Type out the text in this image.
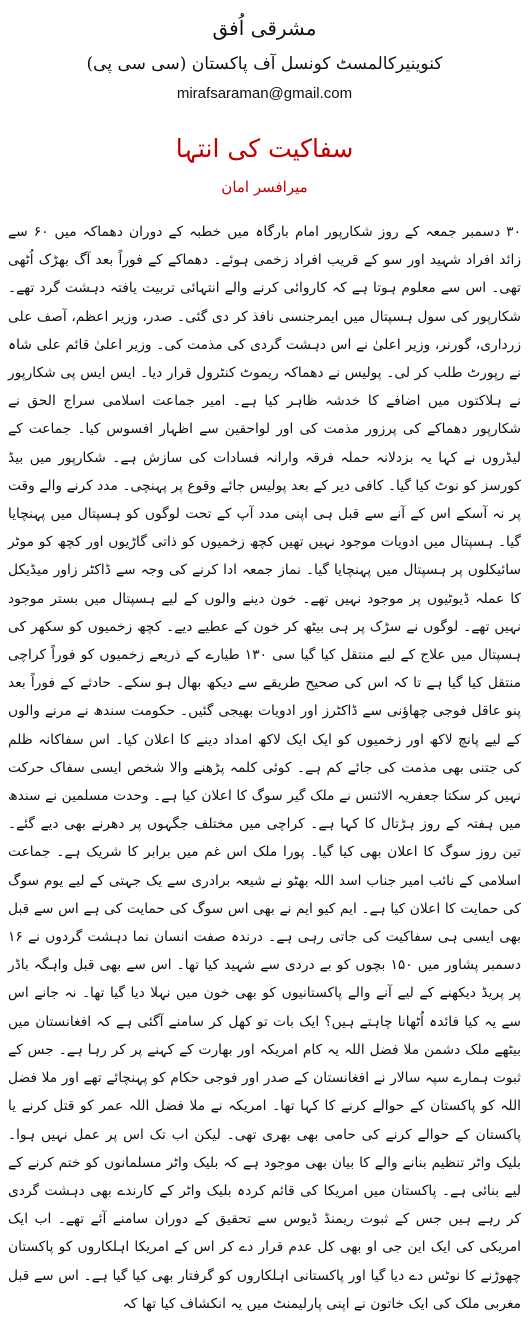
مشرقی اُفق
کنوینیرکالمسٹ کونسل آف پاکستان (سی سی پی)
mirafsaraman@gmail.com
سفاکیت کی انتہا
میرافسر امان

۳۰ دسمبر جمعہ کے روز شکارپور امام بارگاہ میں خطبہ کے دوران دھماکہ میں ۶۰ سے زائد افراد شہید اور سو کے قریب افراد زخمی ہوئے۔ دھماکے کے فوراً بعد آگ بھڑک اُٹھی تھی۔ اس سے معلوم ہوتا ہے کہ کاروائی کرنے والے انتہائی تربیت یافتہ دہشت گرد تھے۔ شکارپور کی سول ہسپتال میں ایمرجنسی نافذ کر دی گئی۔ صدر، وزیر اعظم، آصف علی زرداری، گورنر، وزیر اعلیٰ نے اس دہشت گردی کی مذمت کی۔ وزیر اعلیٰ قائم علی شاہ نے رپورٹ طلب کر لی۔ پولیس نے دھماکہ ریموٹ کنٹرول قرار دیا۔ ایس ایس پی شکارپور نے ہلاکتوں میں اضافے کا خدشہ ظاہر کیا ہے۔ امیر جماعت اسلامی سراج الحق نے شکارپور دھماکے کی پرزور مذمت کی اور لواحقین سے اظہار افسوس کیا۔ جماعت کے لیڈروں نے کہا یہ بزدلانہ حملہ فرقہ وارانہ فسادات کی سازش ہے۔ شکارپور میں بیڈ کورسز کو نوٹ کیا گیا۔ کافی دیر کے بعد پولیس جائے وقوع پر پہنچی۔ مدد کرنے والے وقت پر نہ آسکے اس کے آنے سے قبل ہی اپنی مدد آپ کے تحت لوگوں کو ہسپتال میں پہنچایا گیا۔ ہسپتال میں ادویات موجود نہیں تھیں کچھ زخمیوں کو ذاتی گاڑیوں اور کچھ کو موٹر سائیکلوں پر ہسپتال میں پہنچایا گیا۔ نماز جمعہ ادا کرنے کی وجہ سے ڈاکٹر زاور میڈیکل کا عملہ ڈیوٹیوں پر موجود نہیں تھے۔ خون دینے والوں کے لیے ہسپتال میں بستر موجود نہیں تھے۔ لوگوں نے سڑک پر ہی بیٹھ کر خون کے عطیے دیے۔ کچھ زخمیوں کو سکھر کی ہسپتال میں علاج کے لیے منتقل کیا گیا سی ۱۳۰ طیارے کے ذریعے زخمیوں کو فوراً کراچی منتقل کیا گیا ہے تا کہ اس کی صحیح طریقے سے دیکھ بھال ہو سکے۔ حادثے کے فوراً بعد پنو عاقل فوجی چھاؤنی سے ڈاکٹرز اور ادویات بھیجی گئیں۔ حکومت سندھ نے مرنے والوں کے لیے پانچ لاکھ اور زخمیوں کو ایک ایک لاکھ امداد دینے کا اعلان کیا۔ اس سفاکانہ ظلم کی جتنی بھی مذمت کی جائے کم ہے۔ کوئی کلمہ پڑھنے والا شخص ایسی سفاک حرکت نہیں کر سکتا جعفریہ الائنس نے ملک گیر سوگ کا اعلان کیا ہے۔ وحدت مسلمین نے سندھ میں ہفتہ کے روز ہڑتال کا کہا ہے۔ کراچی میں مختلف جگہوں پر دھرنے بھی دیے گئے۔ تین روز سوگ کا اعلان بھی کیا گیا۔ پورا ملک اس غم میں برابر کا شریک ہے۔ جماعت اسلامی کے نائب امیر جناب اسد اللہ بھٹو نے شیعہ برادری سے یک جہتی کے لیے یوم سوگ کی حمایت کا اعلان کیا ہے۔ ایم کیو ایم نے بھی اس سوگ کی حمایت کی ہے اس سے قبل بھی ایسی ہی سفاکیت کی جاتی رہی ہے۔ درندہ صفت انسان نما دہشت گردوں نے ۱۶ دسمبر پشاور میں ۱۵۰ بچوں کو بے دردی سے شہید کیا تھا۔ اس سے بھی قبل واہگہ باڈر پر پریڈ دیکھنے کے لیے آنے والے پاکستانیوں کو بھی خون میں نہلا دیا گیا تھا۔ نہ جانے اس سے یہ کیا فائدہ اُٹھانا چاہتے ہیں؟ ایک بات تو کھل کر سامنے آگئی ہے کہ افغانستان میں بیٹھے ملک دشمن ملا فضل اللہ یہ کام امریکہ اور بھارت کے کہنے پر کر رہا ہے۔ جس کے ثبوت ہمارے سپہ سالار نے افغانستان کے صدر اور فوجی حکام کو پہنچائے تھے اور ملا فضل اللہ کو پاکستان کے حوالے کرنے کا کہا تھا۔ امریکہ نے ملا فضل اللہ عمر کو قتل کرنے یا پاکستان کے حوالے کرنے کی حامی بھی بھری تھی۔ لیکن اب تک اس پر عمل نہیں ہوا۔ بلیک واٹر تنظیم بنانے والے کا بیان بھی موجود ہے کہ بلیک واٹر مسلمانوں کو ختم کرنے کے لیے بنائی ہے۔ پاکستان میں امریکا کی قائم کردہ بلیک واٹر کے کارندے بھی دہشت گردی کر رہے ہیں جس کے ثبوت ریمنڈ ڈیوس سے تحقیق کے دوران سامنے آئے تھے۔ اب ایک امریکی کی ایک این جی او بھی کل عدم قرار دے کر اس کے امریکا اہلکاروں کو پاکستان چھوڑنے کا نوٹس دے دیا گیا اور پاکستانی اہلکاروں کو گرفتار بھی کیا گیا ہے۔ اس سے قبل مغربی ملک کی ایک خاتون نے اپنی پارلیمنٹ میں یہ انکشاف کیا تھا کہ
